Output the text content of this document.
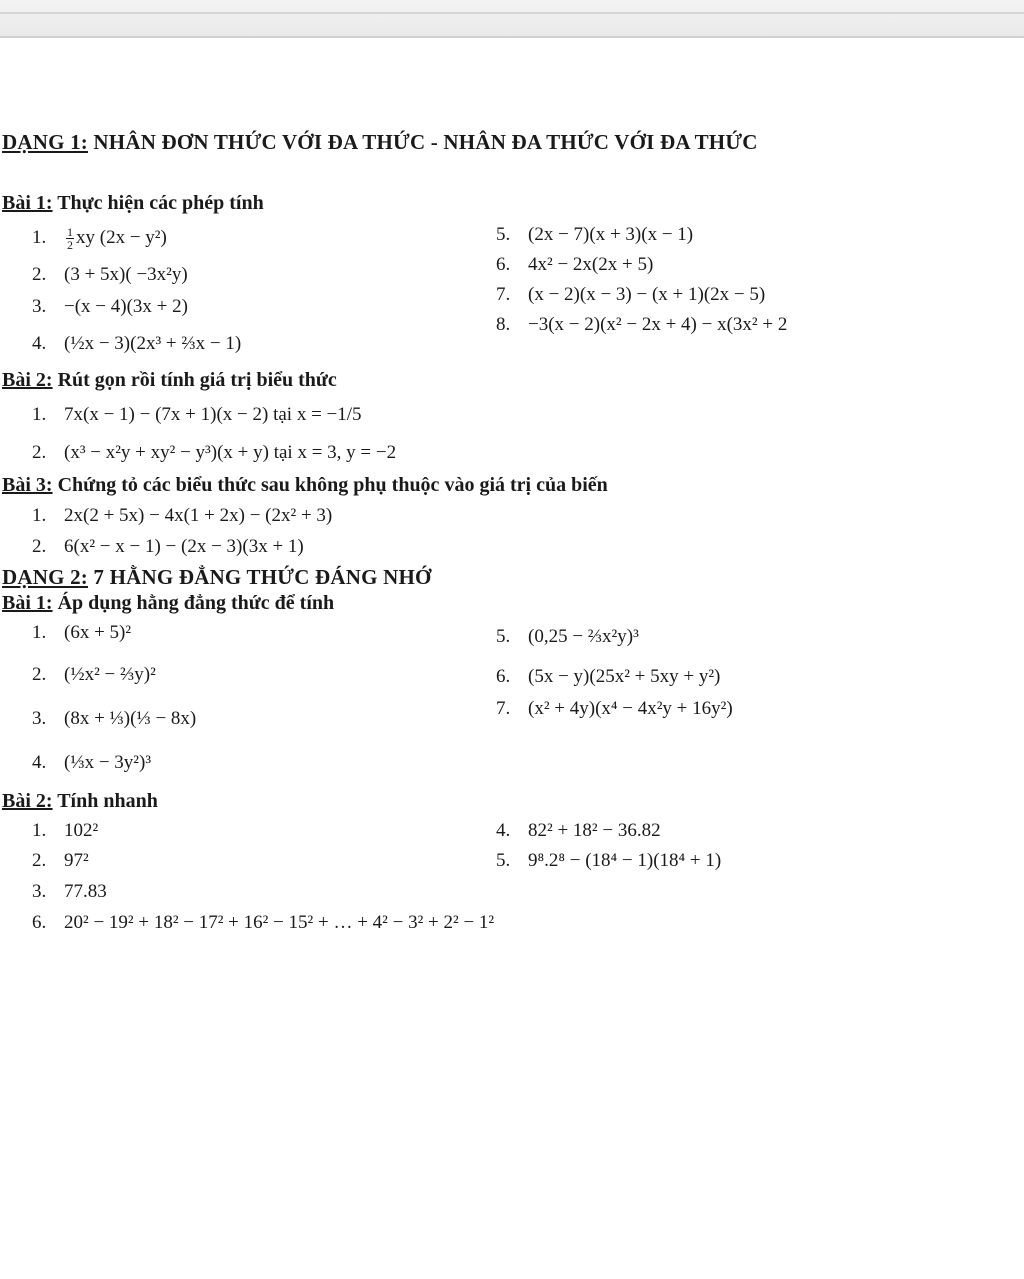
DẠNG 1: NHÂN ĐƠN THỨC VỚI ĐA THỨC - NHÂN ĐA THỨC VỚI ĐA THỨC
Bài 1: Thực hiện các phép tính
1. $\frac{1}{2}$ xy (2x − y²)
2. (3 + 5x)( −3x²y)
3. −(x − 4)(3x + 2)
4. (½x − 3)(2x³ + ⅔x − 1)
5. (2x − 7)(x + 3)(x − 1)
6. 4x² − 2x(2x + 5)
7. (x − 2)(x − 3) − (x + 1)(2x − 5)
8. −3(x − 2)(x² − 2x + 4) − x(3x² + 2
Bài 2: Rút gọn rồi tính giá trị biểu thức
1. 7x(x − 1) − (7x + 1)(x − 2) tại x = −1/5
2. (x³ − x²y + xy² − y³)(x + y) tại x = 3, y = −2
Bài 3: Chứng tỏ các biểu thức sau không phụ thuộc vào giá trị của biến
1. 2x(2 + 5x) − 4x(1 + 2x) − (2x² + 3)
2. 6(x² − x − 1) − (2x − 3)(3x + 1)
DẠNG 2: 7 HẰNG ĐẲNG THỨC ĐÁNG NHỚ
Bài 1: Áp dụng hằng đẳng thức để tính
1. (6x + 5)²
2. (½x² − ⅔y)²
3. (8x + ⅓)(⅓ − 8x)
4. (⅓x − 3y²)³
5. (0,25 − ⅔x²y)³
6. (5x − y)(25x² + 5xy + y²)
7. (x² + 4y)(x⁴ − 4x²y + 16y²)
Bài 2: Tính nhanh
1. 102²
2. 97²
3. 77.83
4. 82² + 18² − 36.82
5. 9⁸.2⁸ − (18⁴ − 1)(18⁴ + 1)
6. 20² − 19² + 18² − 17² + 16² − 15² + … + 4² − 3² + 2² − 1²
